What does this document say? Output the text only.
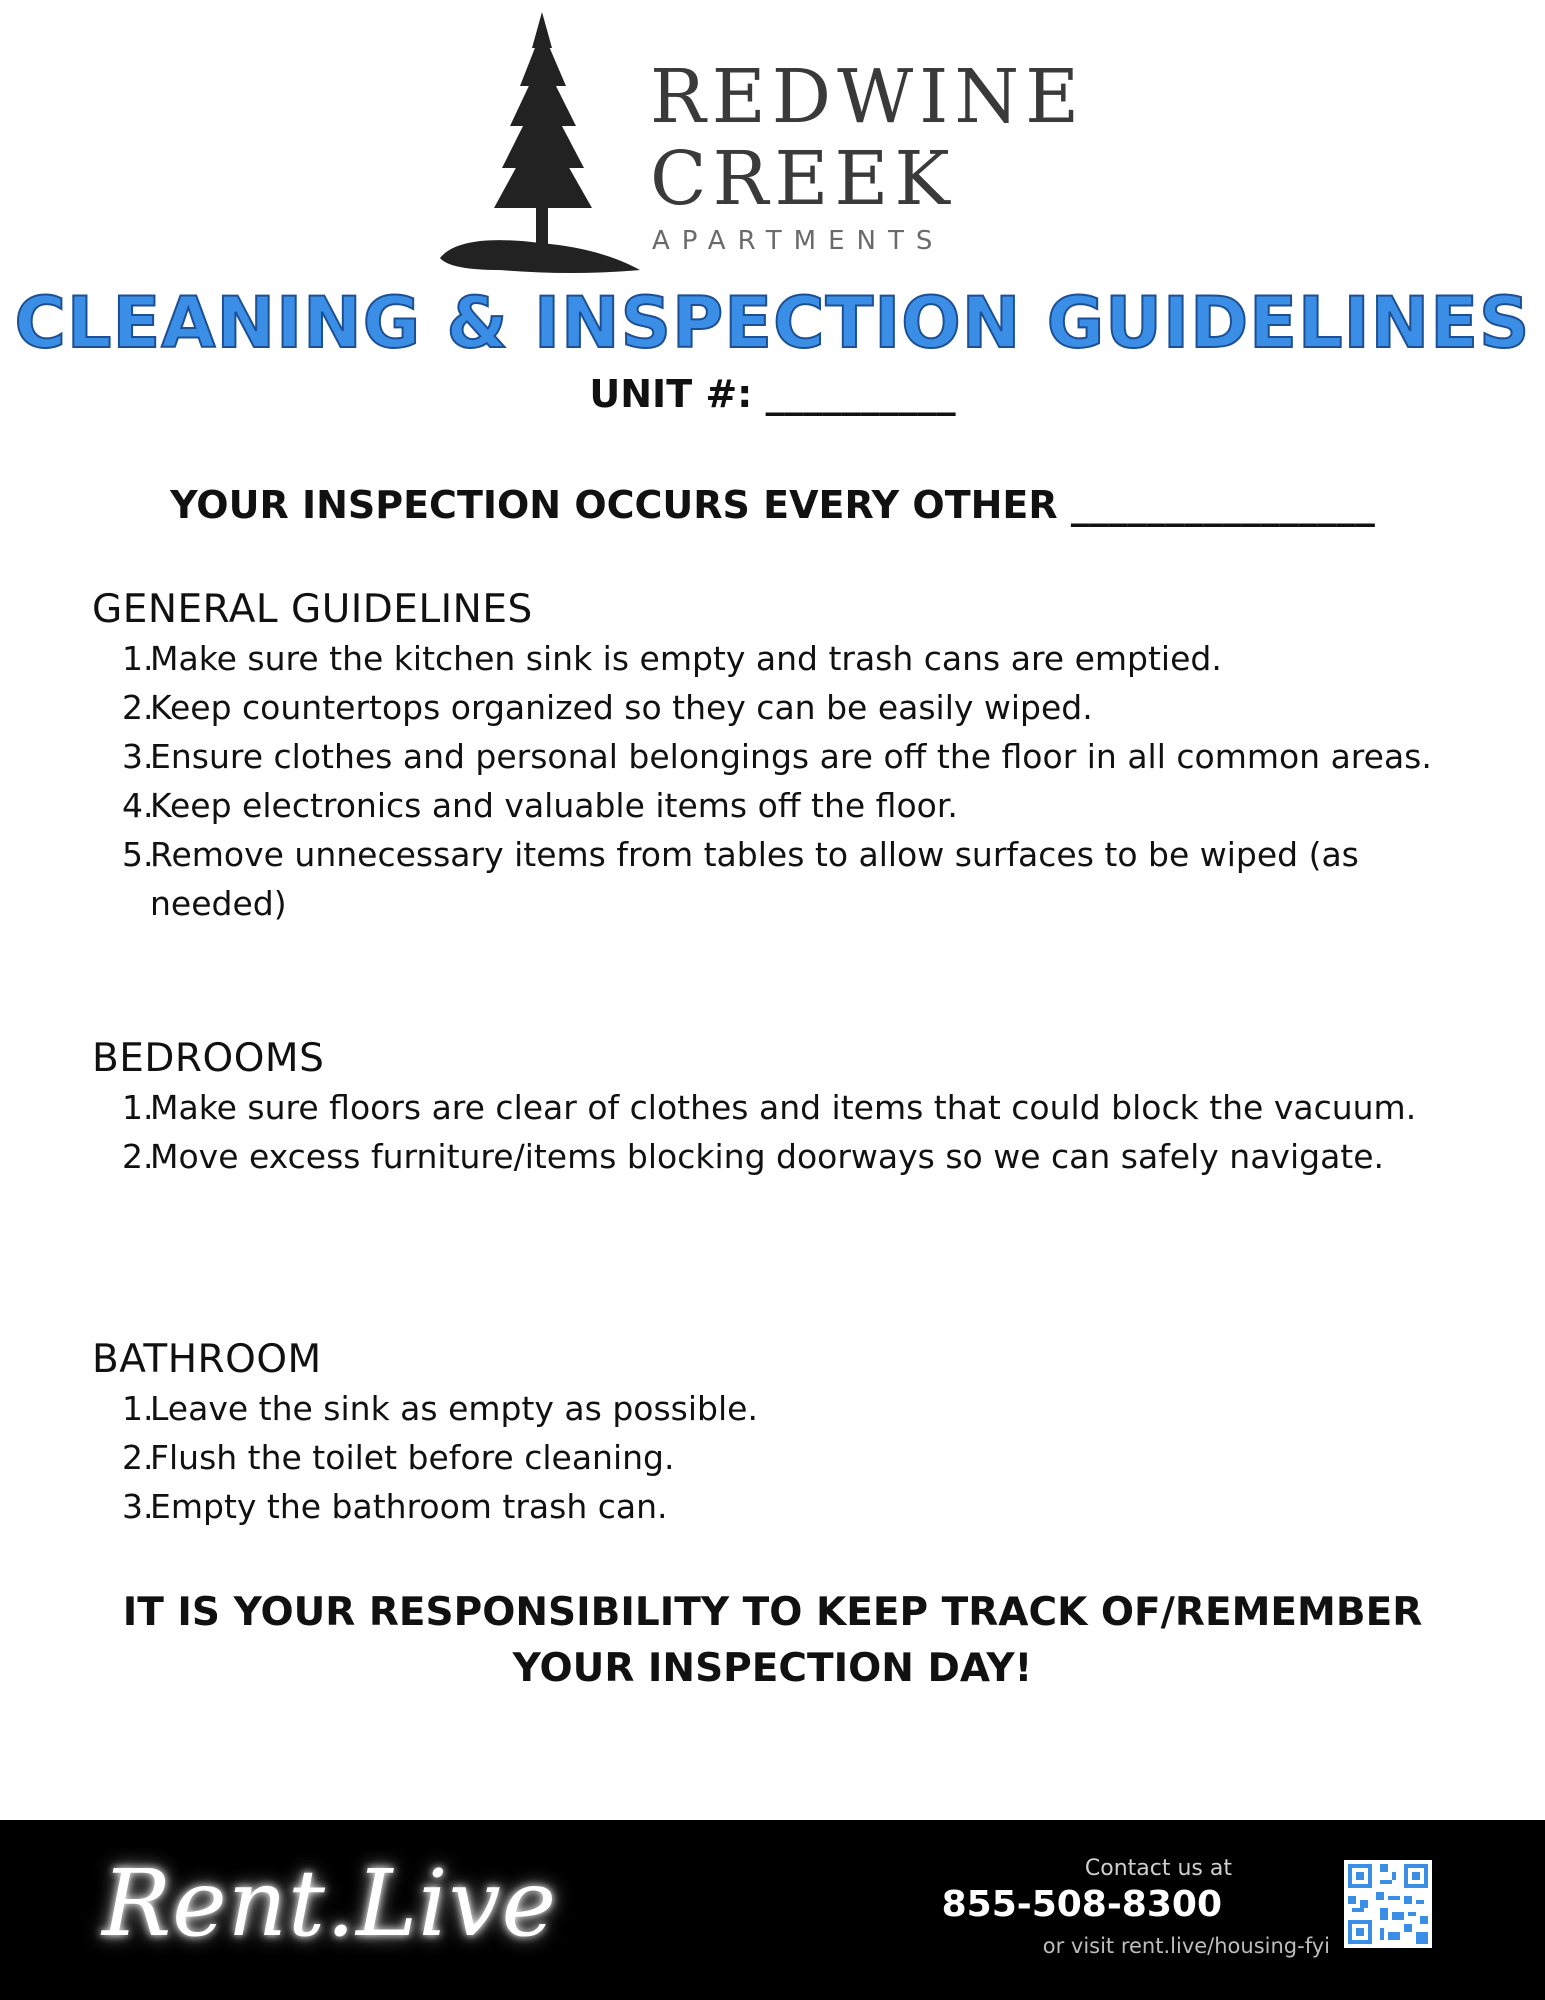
REDWINE
CREEK
APARTMENTS
CLEANING & INSPECTION GUIDELINES
UNIT #: __________
YOUR INSPECTION OCCURS EVERY OTHER ________________
GENERAL GUIDELINES
1.
Make sure the kitchen sink is empty and trash cans are emptied.
2.
Keep countertops organized so they can be easily wiped.
3.
Ensure clothes and personal belongings are off the floor in all common areas.
4.
Keep electronics and valuable items off the floor.
5.
Remove unnecessary items from tables to allow surfaces to be wiped (as needed)
BEDROOMS
1.
Make sure floors are clear of clothes and items that could block the vacuum.
2.
Move excess furniture/items blocking doorways so we can safely navigate.
BATHROOM
1.
Leave the sink as empty as possible.
2.
Flush the toilet before cleaning.
3.
Empty the bathroom trash can.
IT IS YOUR RESPONSIBILITY TO KEEP TRACK OF/REMEMBER
YOUR INSPECTION DAY!
Rent.Live	Contact us at
855-508-8300
or visit rent.live/housing-fyi
